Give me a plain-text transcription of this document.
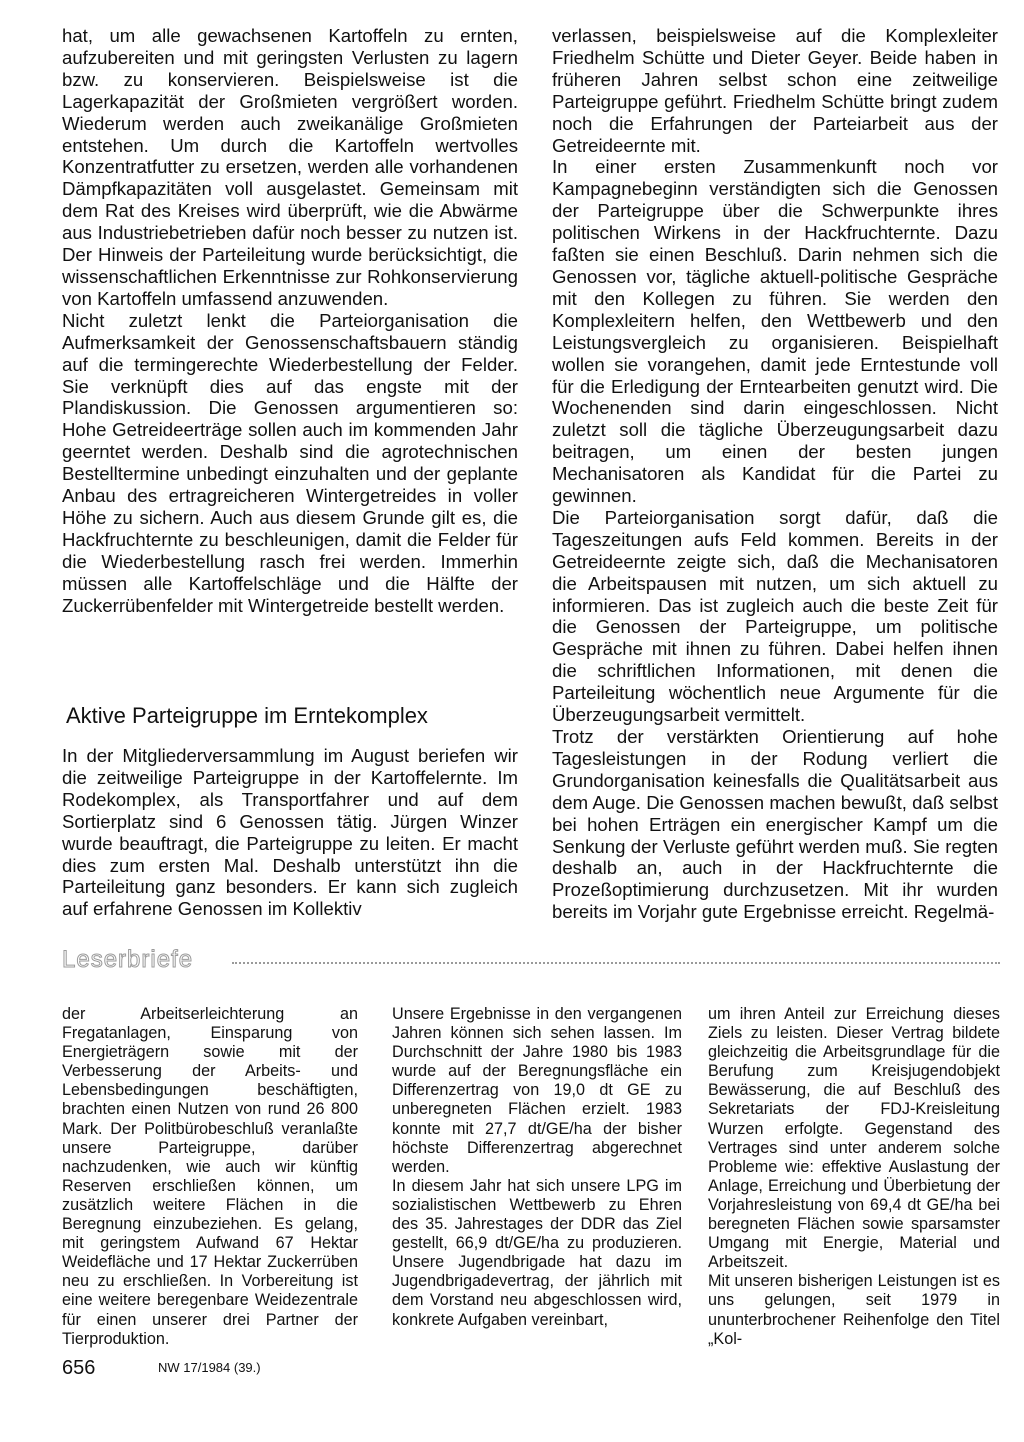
hat, um alle gewachsenen Kartoffeln zu ernten, aufzubereiten und mit geringsten Verlusten zu lagern bzw. zu konservieren. Beispielsweise ist die Lagerkapazität der Großmieten vergrößert worden. Wiederum werden auch zweikanälige Großmieten entstehen. Um durch die Kartoffeln wertvolles Konzentratfutter zu ersetzen, werden alle vorhandenen Dämpfkapazitäten voll ausgelastet. Gemeinsam mit dem Rat des Kreises wird überprüft, wie die Abwärme aus Industriebetrieben dafür noch besser zu nutzen ist. Der Hinweis der Parteileitung wurde berücksichtigt, die wissenschaftlichen Erkenntnisse zur Rohkonservierung von Kartoffeln umfassend anzuwenden.

Nicht zuletzt lenkt die Parteiorganisation die Aufmerksamkeit der Genossenschaftsbauern ständig auf die termingerechte Wiederbestellung der Felder. Sie verknüpft dies auf das engste mit der Plandiskussion. Die Genossen argumentieren so: Hohe Getreideerträge sollen auch im kommenden Jahr geerntet werden. Deshalb sind die agrotechnischen Bestelltermine unbedingt einzuhalten und der geplante Anbau des ertragreicheren Wintergetreides in voller Höhe zu sichern. Auch aus diesem Grunde gilt es, die Hackfruchternte zu beschleunigen, damit die Felder für die Wiederbestellung rasch frei werden. Immerhin müssen alle Kartoffelschläge und die Hälfte der Zuckerrübenfelder mit Wintergetreide bestellt werden.

Aktive Parteigruppe im Erntekomplex

In der Mitgliederversammlung im August beriefen wir die zeitweilige Parteigruppe in der Kartoffelernte. Im Rodekomplex, als Transportfahrer und auf dem Sortierplatz sind 6 Genossen tätig. Jürgen Winzer wurde beauftragt, die Parteigruppe zu leiten. Er macht dies zum ersten Mal. Deshalb unterstützt ihn die Parteileitung ganz besonders. Er kann sich zugleich auf erfahrene Genossen im Kollektiv

verlassen, beispielsweise auf die Komplexleiter Friedhelm Schütte und Dieter Geyer. Beide haben in früheren Jahren selbst schon eine zeitweilige Parteigruppe geführt. Friedhelm Schütte bringt zudem noch die Erfahrungen der Parteiarbeit aus der Getreideernte mit.

In einer ersten Zusammenkunft noch vor Kampagnebeginn verständigten sich die Genossen der Parteigruppe über die Schwerpunkte ihres politischen Wirkens in der Hackfruchternte. Dazu faßten sie einen Beschluß. Darin nehmen sich die Genossen vor, tägliche aktuell-politische Gespräche mit den Kollegen zu führen. Sie werden den Komplexleitern helfen, den Wettbewerb und den Leistungsvergleich zu organisieren. Beispielhaft wollen sie vorangehen, damit jede Erntestunde voll für die Erledigung der Erntearbeiten genutzt wird. Die Wochenenden sind darin eingeschlossen. Nicht zuletzt soll die tägliche Überzeugungsarbeit dazu beitragen, um einen der besten jungen Mechanisatoren als Kandidat für die Partei zu gewinnen.

Die Parteiorganisation sorgt dafür, daß die Tageszeitungen aufs Feld kommen. Bereits in der Getreideernte zeigte sich, daß die Mechanisatoren die Arbeitspausen mit nutzen, um sich aktuell zu informieren. Das ist zugleich auch die beste Zeit für die Genossen der Parteigruppe, um politische Gespräche mit ihnen zu führen. Dabei helfen ihnen die schriftlichen Informationen, mit denen die Parteileitung wöchentlich neue Argumente für die Überzeugungsarbeit vermittelt.

Trotz der verstärkten Orientierung auf hohe Tagesleistungen in der Rodung verliert die Grundorganisation keinesfalls die Qualitätsarbeit aus dem Auge. Die Genossen machen bewußt, daß selbst bei hohen Erträgen ein energischer Kampf um die Senkung der Verluste geführt werden muß. Sie regten deshalb an, auch in der Hackfruchternte die Prozeßoptimierung durchzusetzen. Mit ihr wurden bereits im Vorjahr gute Ergebnisse erreicht. Regelmä-

Leserbriefe

der Arbeitserleichterung an Fregatanlagen, Einsparung von Energieträgern sowie mit der Verbesserung der Arbeits- und Lebensbedingungen beschäftigten, brachten einen Nutzen von rund 26 800 Mark. Der Politbürobeschluß veranlaßte unsere Parteigruppe, darüber nachzudenken, wie auch wir künftig Reserven erschließen können, um zusätzlich weitere Flächen in die Beregnung einzubeziehen. Es gelang, mit geringstem Aufwand 67 Hektar Weidefläche und 17 Hektar Zuckerrüben neu zu erschließen. In Vorbereitung ist eine weitere beregenbare Weidezentrale für einen unserer drei Partner der Tierproduktion.

Unsere Ergebnisse in den vergangenen Jahren können sich sehen lassen. Im Durchschnitt der Jahre 1980 bis 1983 wurde auf der Beregnungsfläche ein Differenzertrag von 19,0 dt GE zu unberegneten Flächen erzielt. 1983 konnte mit 27,7 dt/GE/ha der bisher höchste Differenzertrag abgerechnet werden.

In diesem Jahr hat sich unsere LPG im sozialistischen Wettbewerb zu Ehren des 35. Jahrestages der DDR das Ziel gestellt, 66,9 dt/GE/ha zu produzieren. Unsere Jugendbrigade hat dazu im Jugendbrigadevertrag, der jährlich mit dem Vorstand neu abgeschlossen wird, konkrete Aufgaben vereinbart,

um ihren Anteil zur Erreichung dieses Ziels zu leisten. Dieser Vertrag bildete gleichzeitig die Arbeitsgrundlage für die Berufung zum Kreisjugendobjekt Bewässerung, die auf Beschluß des Sekretariats der FDJ-Kreisleitung Wurzen erfolgte. Gegenstand des Vertrages sind unter anderem solche Probleme wie: effektive Auslastung der Anlage, Erreichung und Überbietung der Vorjahresleistung von 69,4 dt GE/ha bei beregneten Flächen sowie sparsamster Umgang mit Energie, Material und Arbeitszeit.

Mit unseren bisherigen Leistungen ist es uns gelungen, seit 1979 in ununterbrochener Reihenfolge den Titel „Kol-

656	NW 17/1984 (39.)
